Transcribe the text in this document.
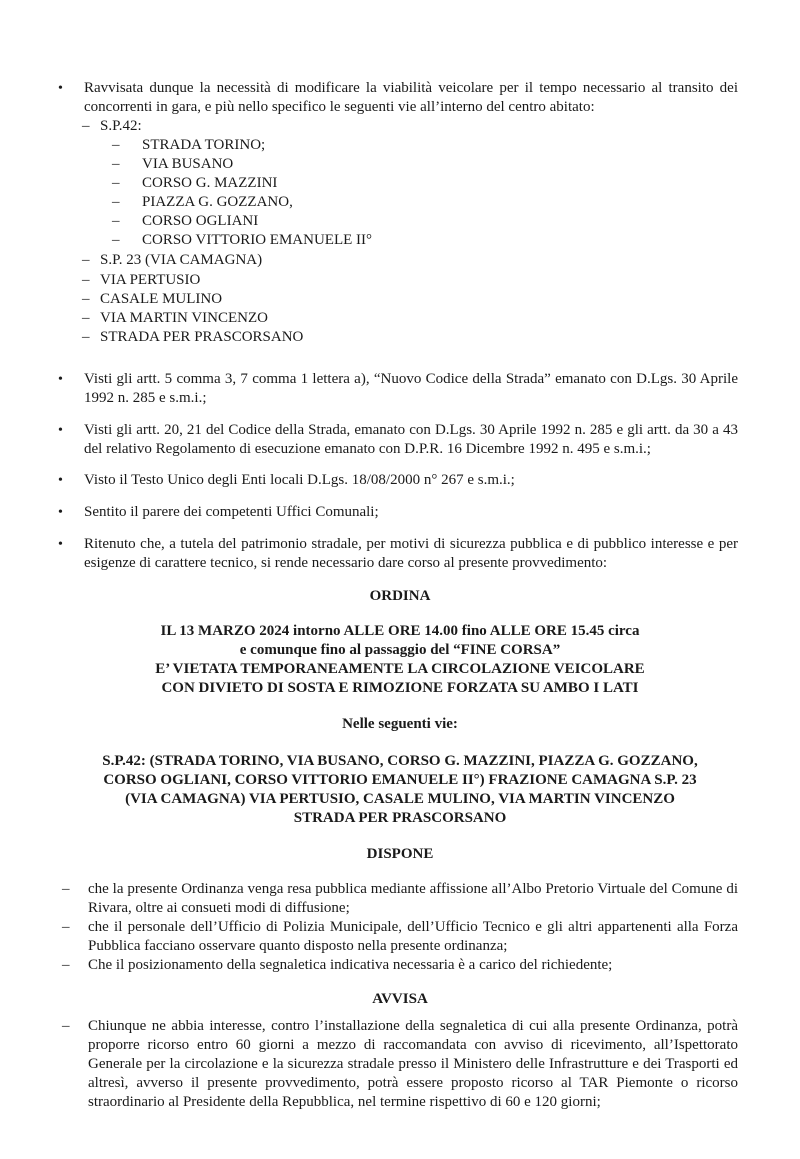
• Ravvisata dunque la necessità di modificare la viabilità veicolare per il tempo necessario al transito dei concorrenti in gara, e più nello specifico le seguenti vie all’interno del centro abitato:
– S.P.42:
– STRADA TORINO;
– VIA BUSANO
– CORSO G. MAZZINI
– PIAZZA G. GOZZANO,
– CORSO OGLIANI
– CORSO VITTORIO EMANUELE II°
– S.P. 23 (VIA CAMAGNA)
– VIA PERTUSIO
– CASALE MULINO
– VIA MARTIN VINCENZO
– STRADA PER PRASCORSANO
• Visti gli artt. 5 comma 3, 7 comma 1 lettera a), “Nuovo Codice della Strada” emanato con D.Lgs. 30 Aprile 1992 n. 285 e s.m.i.;
• Visti gli artt. 20, 21 del Codice della Strada, emanato con D.Lgs. 30 Aprile 1992 n. 285 e gli artt. da 30 a 43 del relativo Regolamento di esecuzione emanato con D.P.R. 16 Dicembre 1992 n. 495 e s.m.i.;
• Visto il Testo Unico degli Enti locali D.Lgs. 18/08/2000 n° 267 e s.m.i.;
• Sentito il parere dei competenti Uffici Comunali;
• Ritenuto che, a tutela del patrimonio stradale, per motivi di sicurezza pubblica e di pubblico interesse e per esigenze di carattere tecnico, si rende necessario dare corso al presente provvedimento:
ORDINA
IL 13 MARZO 2024 intorno ALLE ORE 14.00 fino ALLE ORE 15.45 circa
e comunque fino al passaggio del “FINE CORSA”
E’ VIETATA TEMPORANEAMENTE LA CIRCOLAZIONE VEICOLARE
CON DIVIETO DI SOSTA E RIMOZIONE FORZATA SU AMBO I LATI
Nelle seguenti vie:
S.P.42: (STRADA TORINO, VIA BUSANO, CORSO G. MAZZINI, PIAZZA G. GOZZANO,
CORSO OGLIANI, CORSO VITTORIO EMANUELE II°) FRAZIONE CAMAGNA S.P. 23
(VIA CAMAGNA) VIA PERTUSIO, CASALE MULINO, VIA MARTIN VINCENZO
STRADA PER PRASCORSANO
DISPONE
– che la presente Ordinanza venga resa pubblica mediante affissione all’Albo Pretorio Virtuale del Comune di Rivara, oltre ai consueti modi di diffusione;
– che il personale dell’Ufficio di Polizia Municipale, dell’Ufficio Tecnico e gli altri appartenenti alla Forza Pubblica facciano osservare quanto disposto nella presente ordinanza;
– Che il posizionamento della segnaletica indicativa necessaria è a carico del richiedente;
AVVISA
– Chiunque ne abbia interesse, contro l’installazione della segnaletica di cui alla presente Ordinanza, potrà proporre ricorso entro 60 giorni a mezzo di raccomandata con avviso di ricevimento, all’Ispettorato Generale per la circolazione e la sicurezza stradale presso il Ministero delle Infrastrutture e dei Trasporti ed altresì, avverso il presente provvedimento, potrà essere proposto ricorso al TAR Piemonte o ricorso straordinario al Presidente della Repubblica, nel termine rispettivo di 60 e 120 giorni;
